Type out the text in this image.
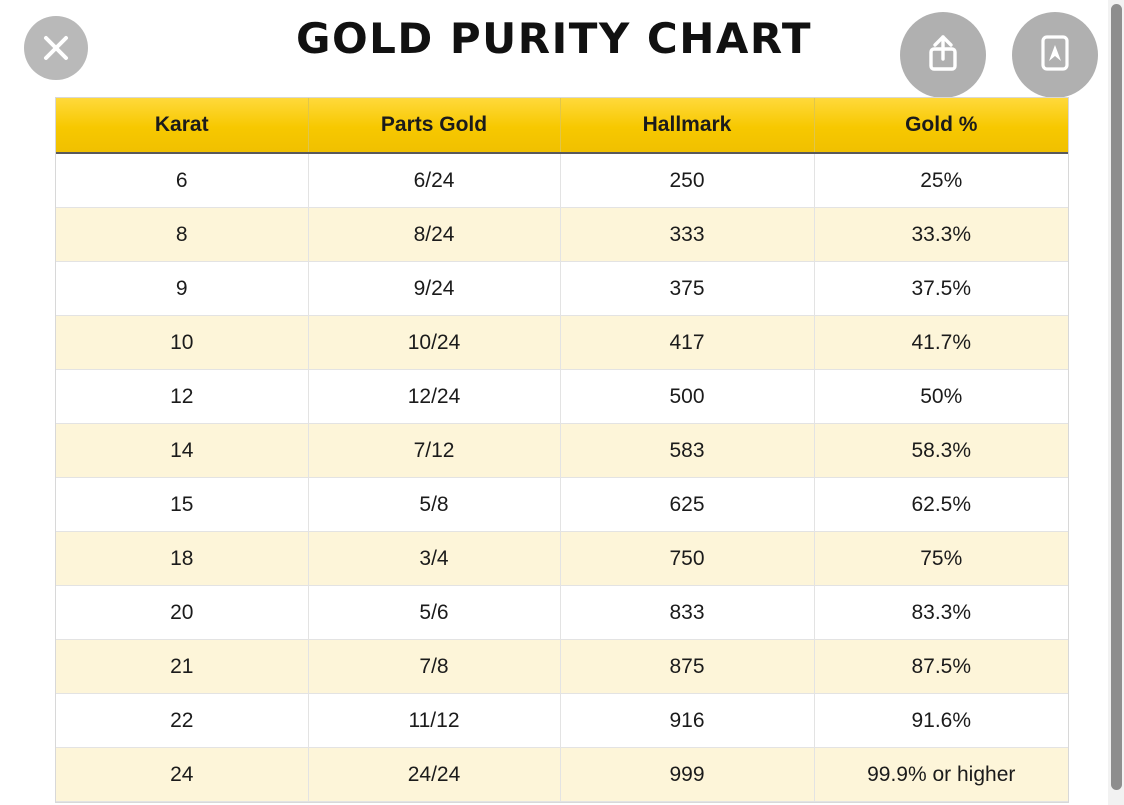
GOLD PURITY CHART
Karat	Parts Gold	Hallmark	Gold %
6	6/24	250	25%
8	8/24	333	33.3%
9	9/24	375	37.5%
10	10/24	417	41.7%
12	12/24	500	50%
14	7/12	583	58.3%
15	5/8	625	62.5%
18	3/4	750	75%
20	5/6	833	83.3%
21	7/8	875	87.5%
22	11/12	916	91.6%
24	24/24	999	99.9% or higher
